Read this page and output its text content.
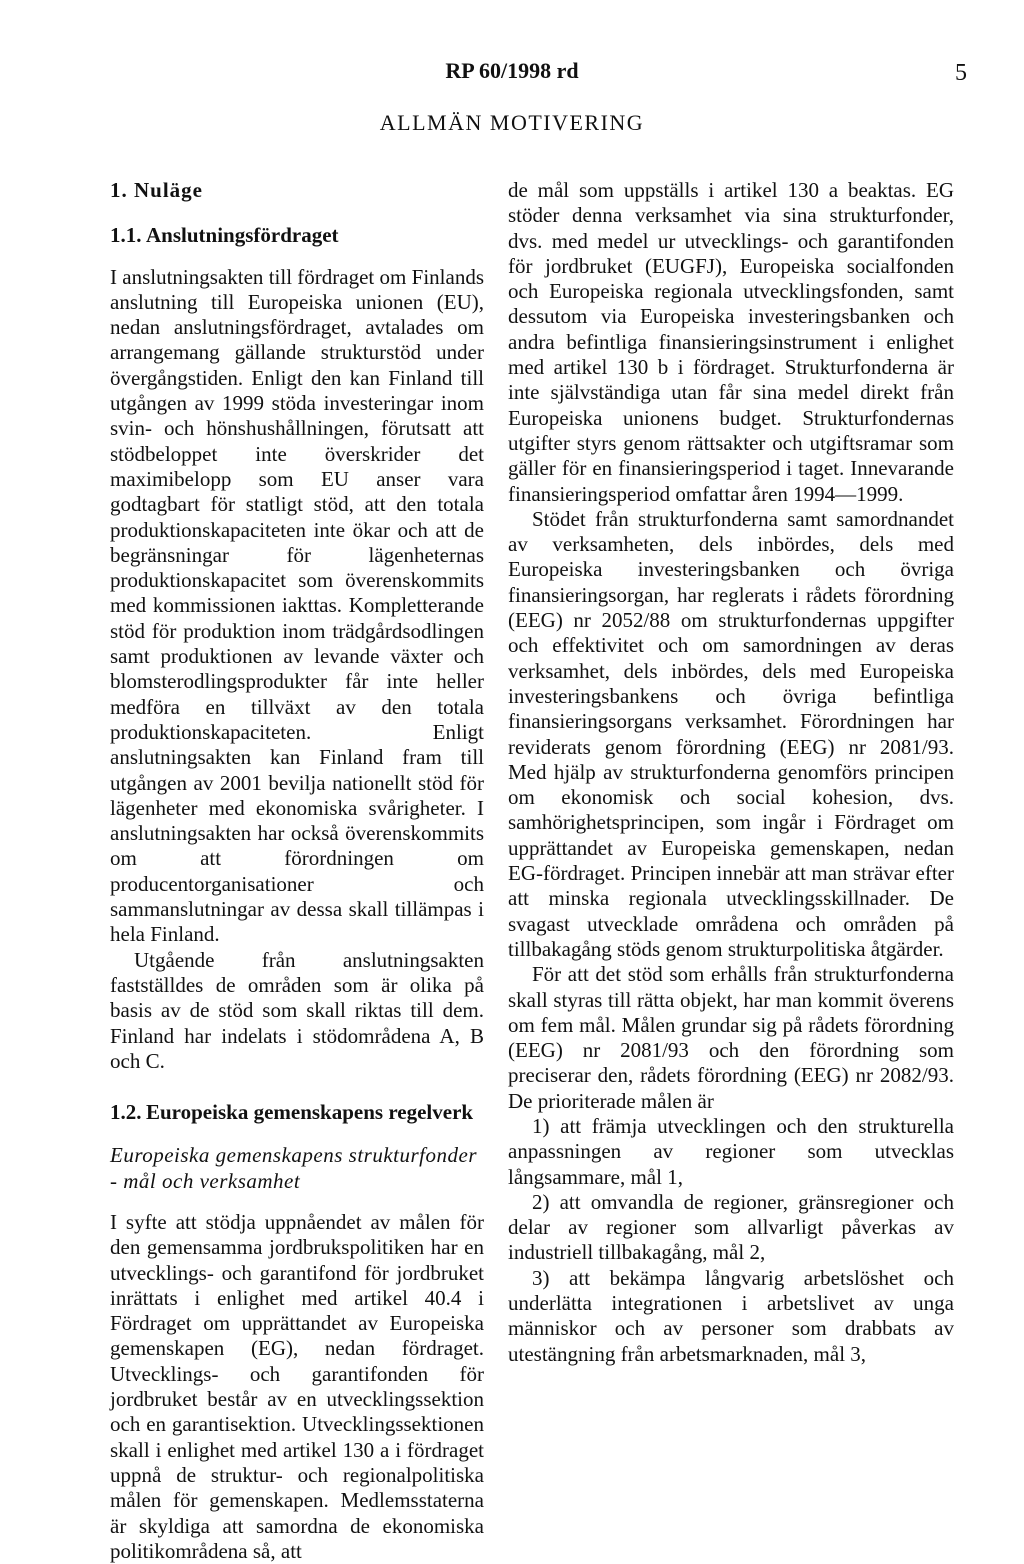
RP 60/1998 rd	5
ALLMÄN MOTIVERING
1. Nuläge
1.1. Anslutningsfördraget

I anslutningsakten till fördraget om Finlands anslutning till Europeiska unionen (EU), nedan anslutningsfördraget, avtalades om arrangemang gällande strukturstöd under övergångstiden. Enligt den kan Finland till utgången av 1999 stöda investeringar inom svin- och hönshushållningen, förutsatt att stödbeloppet inte överskrider det maximibelopp som EU anser vara godtagbart för statligt stöd, att den totala produktionskapaciteten inte ökar och att de begränsningar för lägenheternas produktionskapacitet som överenskommits med kommissionen iakttas. Kompletterande stöd för produktion inom trädgårdsodlingen samt produktionen av levande växter och blomsterodlingsprodukter får inte heller medföra en tillväxt av den totala produktionskapaciteten. Enligt anslutningsakten kan Finland fram till utgången av 2001 bevilja nationellt stöd för lägenheter med ekonomiska svårigheter. I anslutningsakten har också överenskommits om att förordningen om producentorganisationer och sammanslutningar av dessa skall tillämpas i hela Finland.

Utgående från anslutningsakten fastställdes de områden som är olika på basis av de stöd som skall riktas till dem. Finland har indelats i stödområdena A, B och C.

1.2. Europeiska gemenskapens regelverk
Europeiska gemenskapens strukturfonder - mål och verksamhet

I syfte att stödja uppnåendet av målen för den gemensamma jordbrukspolitiken har en utvecklings- och garantifond för jordbruket inrättats i enlighet med artikel 40.4 i Fördraget om upprättandet av Europeiska gemenskapen (EG), nedan fördraget. Utvecklings- och garantifonden för jordbruket består av en utvecklingssektion och en garantisektion. Utvecklingssektionen skall i enlighet med artikel 130 a i fördraget uppnå de struktur- och regionalpolitiska målen för gemenskapen. Medlemsstaterna är skyldiga att samordna de ekonomiska politikområdena så, att

de mål som uppställs i artikel 130 a beaktas. EG stöder denna verksamhet via sina strukturfonder, dvs. med medel ur utvecklings- och garantifonden för jordbruket (EUGFJ), Europeiska socialfonden och Europeiska regionala utvecklingsfonden, samt dessutom via Europeiska investeringsbanken och andra befintliga finansieringsinstrument i enlighet med artikel 130 b i fördraget. Strukturfonderna är inte självständiga utan får sina medel direkt från Europeiska unionens budget. Strukturfondernas utgifter styrs genom rättsakter och utgiftsramar som gäller för en finansieringsperiod i taget. Innevarande finansieringsperiod omfattar åren 1994—1999.

Stödet från strukturfonderna samt samordnandet av verksamheten, dels inbördes, dels med Europeiska investeringsbanken och övriga finansieringsorgan, har reglerats i rådets förordning (EEG) nr 2052/88 om strukturfondernas uppgifter och effektivitet och om samordningen av deras verksamhet, dels inbördes, dels med Europeiska investeringsbankens och övriga befintliga finansieringsorgans verksamhet. Förordningen har reviderats genom förordning (EEG) nr 2081/93. Med hjälp av strukturfonderna genomförs principen om ekonomisk och social kohesion, dvs. samhörighetsprincipen, som ingår i Fördraget om upprättandet av Europeiska gemenskapen, nedan EG-fördraget. Principen innebär att man strävar efter att minska regionala utvecklingsskillnader. De svagast utvecklade områdena och områden på tillbakagång stöds genom strukturpolitiska åtgärder.

För att det stöd som erhålls från strukturfonderna skall styras till rätta objekt, har man kommit överens om fem mål. Målen grundar sig på rådets förordning (EEG) nr 2081/93 och den förordning som preciserar den, rådets förordning (EEG) nr 2082/93. De prioriterade målen är

1) att främja utvecklingen och den strukturella anpassningen av regioner som utvecklas långsammare, mål 1,

2) att omvandla de regioner, gränsregioner och delar av regioner som allvarligt påverkas av industriell tillbakagång, mål 2,

3) att bekämpa långvarig arbetslöshet och underlätta integrationen i arbetslivet av unga människor och av personer som drabbats av utestängning från arbetsmarknaden, mål 3,
